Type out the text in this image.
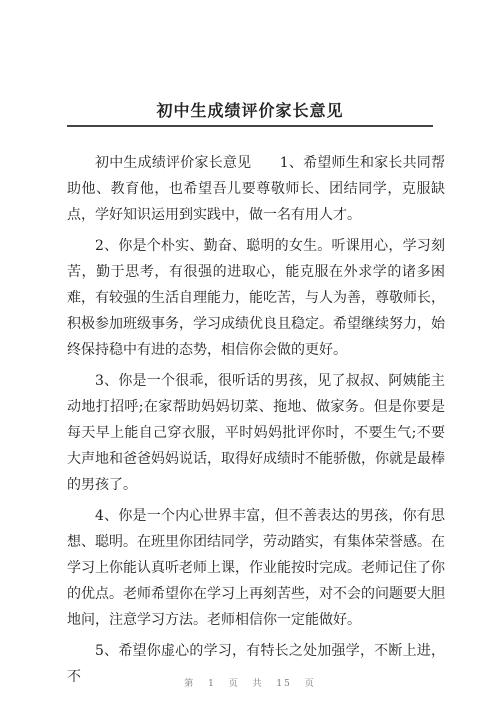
初中生成绩评价家长意见

初中生成绩评价家长意见　　1、希望师生和家长共同帮助他、教育他，也希望吾儿要尊敬师长、团结同学，克服缺点，学好知识运用到实践中，做一名有用人才。

2、你是个朴实、勤奋、聪明的女生。听课用心，学习刻苦，勤于思考，有很强的进取心，能克服在外求学的诸多困难，有较强的生活自理能力，能吃苦，与人为善，尊敬师长，积极参加班级事务，学习成绩优良且稳定。希望继续努力，始终保持稳中有进的态势，相信你会做的更好。

3、你是一个很乖，很听话的男孩，见了叔叔、阿姨能主动地打招呼;在家帮助妈妈切菜、拖地、做家务。但是你要是每天早上能自己穿衣服，平时妈妈批评你时，不要生气;不要大声地和爸爸妈妈说话，取得好成绩时不能骄傲，你就是最棒的男孩了。

4、你是一个内心世界丰富，但不善表达的男孩，你有思想、聪明。在班里你团结同学，劳动踏实，有集体荣誉感。在学习上你能认真听老师上课，作业能按时完成。老师记住了你的优点。老师希望你在学习上再刻苦些，对不会的问题要大胆地问，注意学习方法。老师相信你一定能做好。

5、希望你虚心的学习，有特长之处加强学，不断上进，不	第 1 页 共 15 页
